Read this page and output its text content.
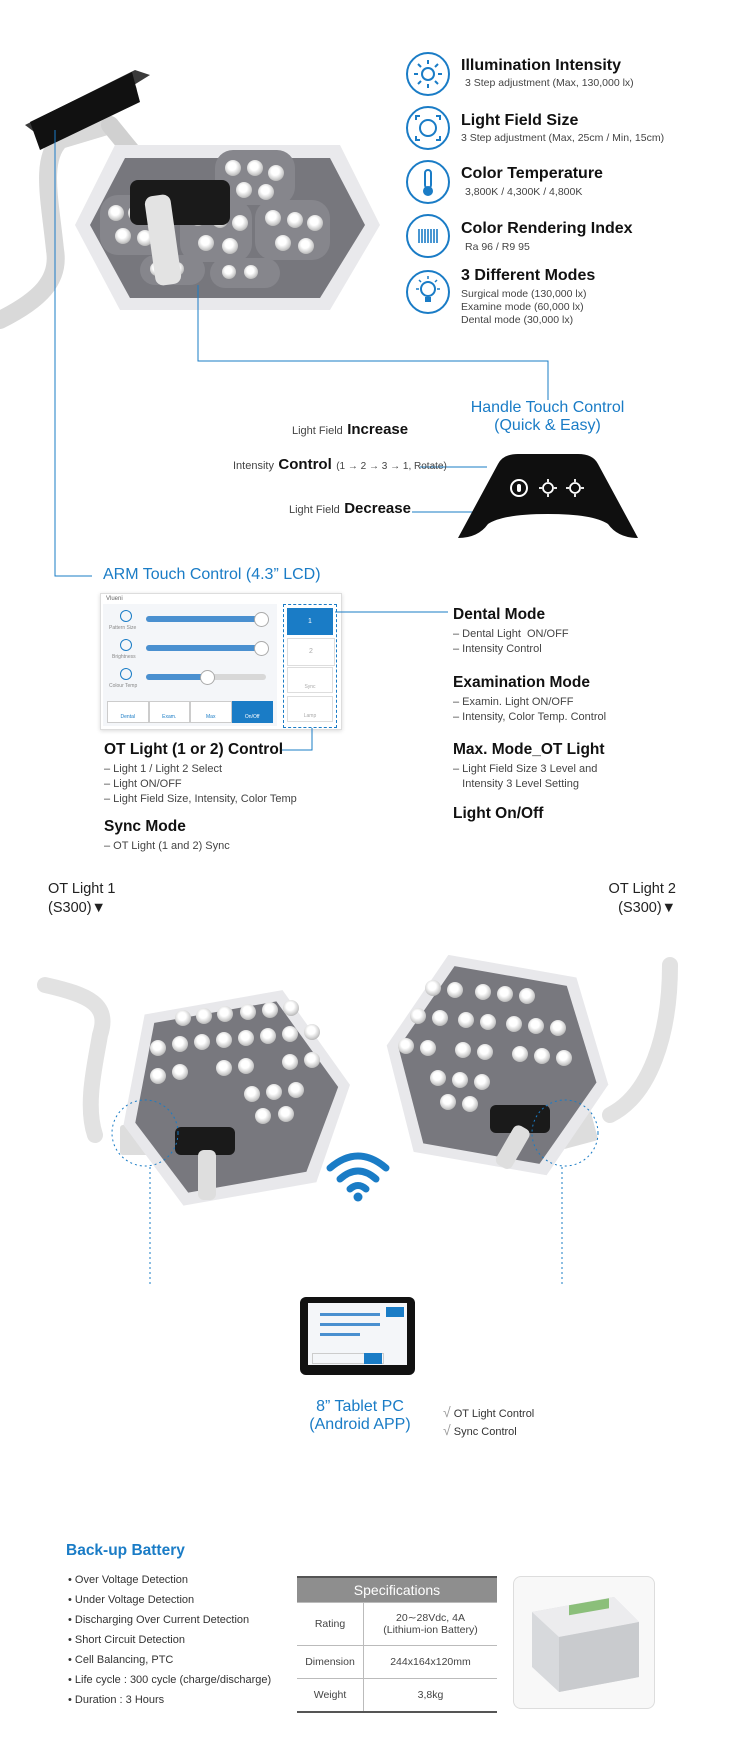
Illumination Intensity
3 Step adjustment (Max, 130,000 lx)
Light Field Size
3 Step adjustment (Max, 25cm / Min, 15cm)
Color Temperature
3,800K / 4,300K / 4,800K
Color Rendering Index
Ra 96 / R9 95
3 Different Modes
Surgical mode (130,000 lx)
Examine mode (60,000 lx)
Dental mode (30,000 lx)
Handle Touch Control
(Quick & Easy)
Light Field Increase
Intensity Control (1 → 2 → 3 → 1, Rotate)
Light Field Decrease
ARM Touch Control (4.3” LCD)
Vlueni
Pattern Size
Brightness
Colour Temp
Dental	Exam.	Max	On/Off
1
2
Sync
Lamp
OT Light (1 or 2) Control
– Light 1 / Light 2 Select
– Light ON/OFF
– Light Field Size, Intensity, Color Temp
Sync Mode
– OT Light (1 and 2) Sync
Dental Mode
– Dental Light  ON/OFF
– Intensity Control
Examination Mode
– Examin. Light ON/OFF
– Intensity, Color Temp. Control
Max. Mode_OT Light
– Light Field Size 3 Level and
Intensity 3 Level Setting
Light On/Off
OT Light 1
(S300)▼
OT Light 2
(S300)▼
8” Tablet PC
(Android APP)
√ OT Light Control
√ Sync Control
Back-up Battery
• Over Voltage Detection
• Under Voltage Detection
• Discharging Over Current Detection
• Short Circuit Detection
• Cell Balancing, PTC
• Life cycle : 300 cycle (charge/discharge)
• Duration : 3 Hours
Specifications	
Rating	20∼28Vdc, 4A
(Lithium-ion Battery)

Dimension	244x164x120mm
Weight	3,8kg
